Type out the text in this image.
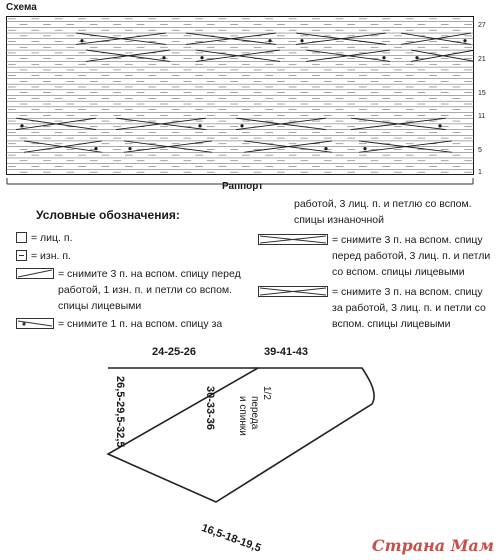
Схема
27
21
15
11
5
1
Раппорт
Условные обозначения:
= лиц. п.
= изн. п.
= снимите 3 п. на вспом. спицу перед работой, 1 изн. п. и петли со вспом. спицы лицевыми
= снимите 1 п. на вспом. спицу за
работой, 3 лиц. п. и петлю со вспом. спицы изнаночной
= снимите 3 п. на вспом. спицу перед работой, 3 лиц. п. и петли со вспом. спицы лицевыми
= снимите 3 п. на вспом. спицу за работой, 3 лиц. п. и петли со вспом. спицы лицевыми
24-25-26	39-41-43
26,5-29,5-32,5	30-33-36	1/2
переда
и спинки
16,5-18-19,5	Страна Мам
